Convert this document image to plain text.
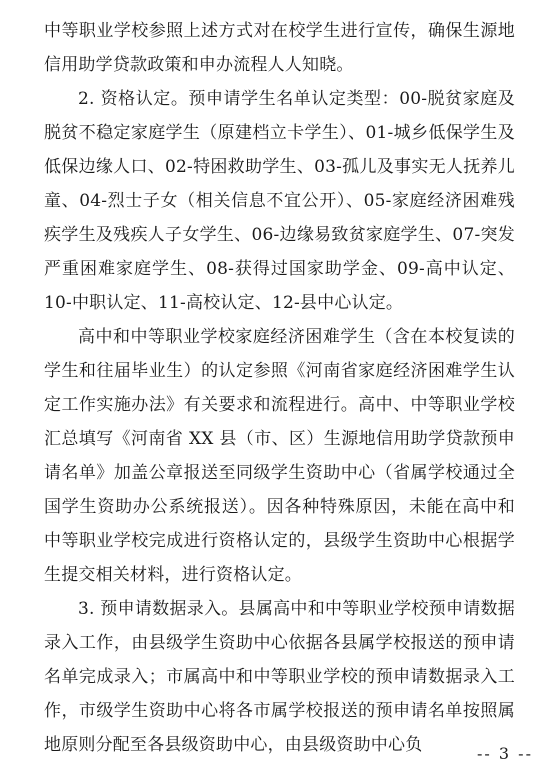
中等职业学校参照上述方式对在校学生进行宣传，确保生源地信用助学贷款政策和申办流程人人知晓。

2. 资格认定。预申请学生名单认定类型：00-脱贫家庭及脱贫不稳定家庭学生（原建档立卡学生）、01-城乡低保学生及低保边缘人口、02-特困救助学生、03-孤儿及事实无人抚养儿童、04-烈士子女（相关信息不宜公开）、05-家庭经济困难残疾学生及残疾人子女学生、06-边缘易致贫家庭学生、07-突发严重困难家庭学生、08-获得过国家助学金、09-高中认定、10-中职认定、11-高校认定、12-县中心认定。

高中和中等职业学校家庭经济困难学生（含在本校复读的学生和往届毕业生）的认定参照《河南省家庭经济困难学生认定工作实施办法》有关要求和流程进行。高中、中等职业学校汇总填写《河南省 XX 县（市、区）生源地信用助学贷款预申请名单》加盖公章报送至同级学生资助中心（省属学校通过全国学生资助办公系统报送）。因各种特殊原因，未能在高中和中等职业学校完成进行资格认定的，县级学生资助中心根据学生提交相关材料，进行资格认定。

3. 预申请数据录入。县属高中和中等职业学校预申请数据录入工作，由县级学生资助中心依据各县属学校报送的预申请名单完成录入；市属高中和中等职业学校的预申请数据录入工作，市级学生资助中心将各市属学校报送的预申请名单按照属地原则分配至各县级资助中心，由县级资助中心负	-- 3 --
